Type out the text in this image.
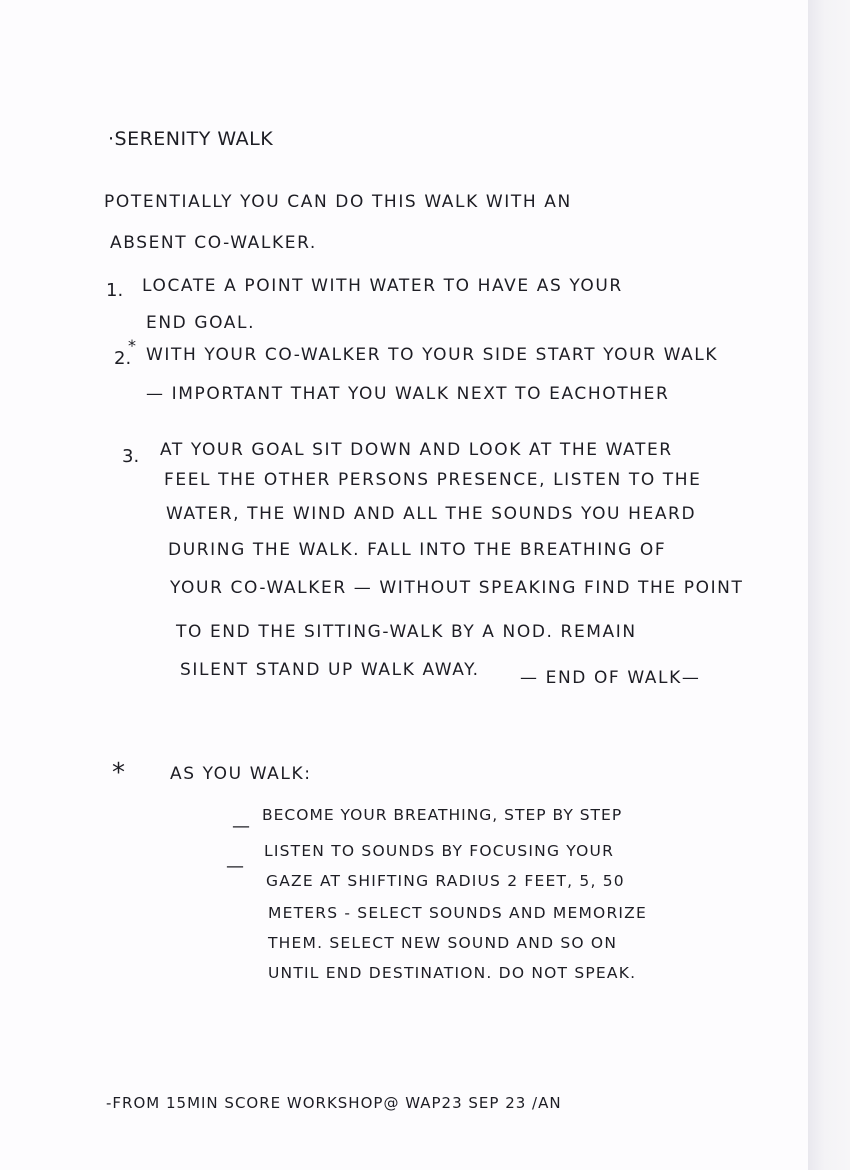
·SERENITY WALK
POTENTIALLY YOU CAN DO THIS WALK WITH AN
ABSENT CO-WALKER.
1. LOCATE A POINT WITH WATER TO HAVE AS YOUR
END GOAL.
2.
* WITH YOUR CO-WALKER TO YOUR SIDE START YOUR WALK
— IMPORTANT THAT YOU WALK NEXT TO EACHOTHER
3. AT YOUR GOAL SIT DOWN AND LOOK AT THE WATER
FEEL THE OTHER PERSONS PRESENCE, LISTEN TO THE
WATER, THE WIND AND ALL THE SOUNDS YOU HEARD
DURING THE WALK. FALL INTO THE BREATHING OF
YOUR CO-WALKER — WITHOUT SPEAKING FIND THE POINT
TO END THE SITTING-WALK BY A NOD. REMAIN
SILENT STAND UP WALK AWAY. — END OF WALK—
*	AS YOU WALK:
—
BECOME YOUR BREATHING, STEP BY STEP
—
LISTEN TO SOUNDS BY FOCUSING YOUR
GAZE AT SHIFTING RADIUS 2 FEET, 5, 50
METERS - SELECT SOUNDS AND MEMORIZE
THEM. SELECT NEW SOUND AND SO ON
UNTIL END DESTINATION. DO NOT SPEAK.
-FROM 15MIN SCORE WORKSHOP@ WAP23 SEP 23 /AN
